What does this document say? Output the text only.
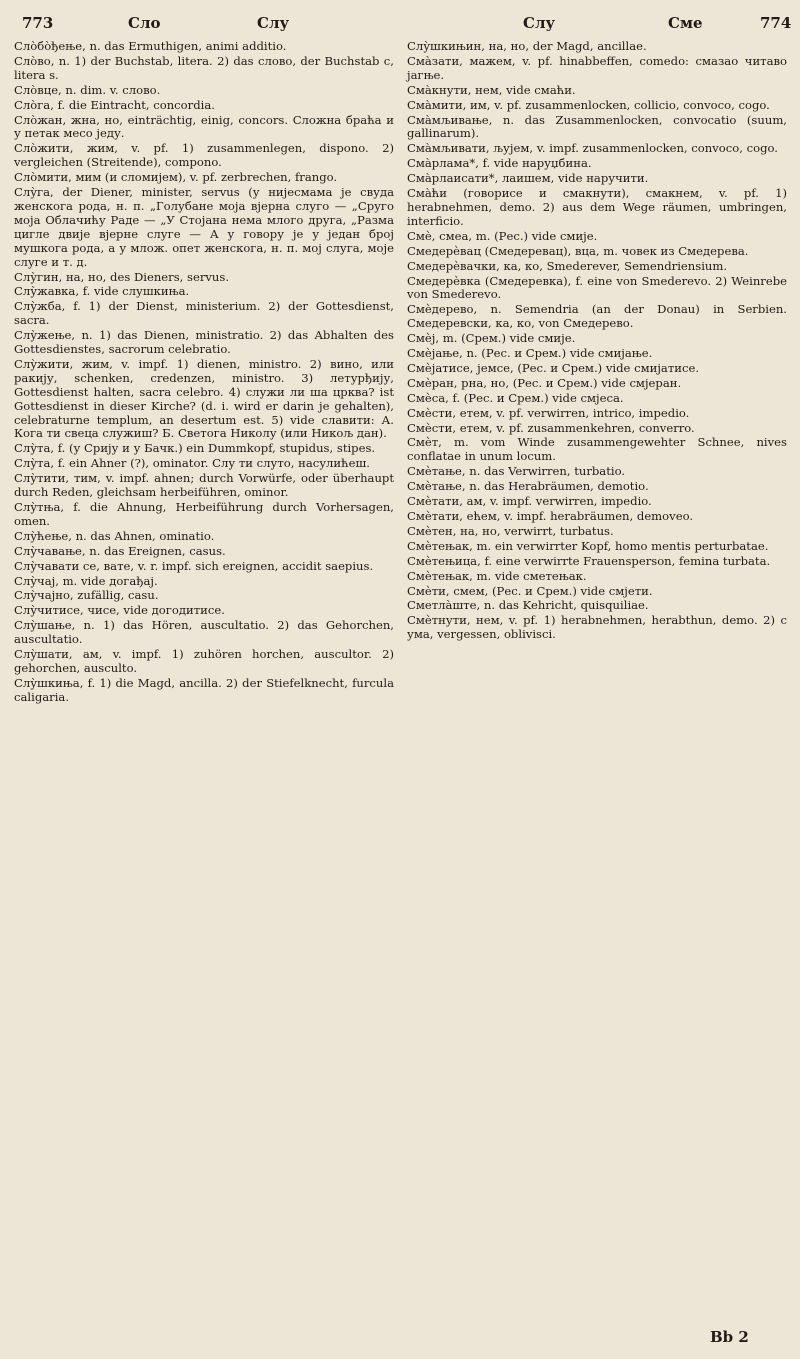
773	Сло	Слу	Слу	Сме	774

Сло̀бо̀ђење, n. das Ermuthigen, animi additio.

Сло̀во, n. 1) der Buchstab, litera. 2) das слово, der Buchstab с, litera s.

Сло̀вце, n. dim. v. слово.

Сло̀га, f. die Eintracht, concordia.

Сло̀жан, жна, но, einträchtig, einig, concors. Сложна браћа и у петак месо једу.

Сло̀жити, жим, v. pf. 1) zusammenlegen, dispono. 2) vergleichen (Streitende), compono.

Сло̀мити, мим (и сломијем), v. pf. zerbrechen, frango.

Слу̀га, der Diener, minister, servus (у нијесмама је свуда женскога рода, н. п. „Голубане моја вјерна слуго — „Сруго моја Облачићу Раде — „У Стојана нема млого друга, „Разма цигле двије вјерне слуге — А у говору је у један број мушкога рода, а у млож. опет женскога, н. п. мој слуга, моје слуге и т. д.

Слу̀гин, на, но, des Dieners, servus.

Слу̀жавка, f. vide слушкиња.

Слу̀жба, f. 1) der Dienst, ministerium. 2) der Gottesdienst, sacra.

Слу̀жење, n. 1) das Dienen, ministratio. 2) das Abhalten des Gottesdienstes, sacrorum celebratio.

Слу̀жити, жим, v. impf. 1) dienen, ministro. 2) вино, или ракију, schenken, credenzen, ministro. 3) летурђију, Gottesdienst halten, sacra celebro. 4) служи ли ша црква? ist Gottesdienst in dieser Kirche? (d. i. wird er darin je gehalten), celebraturne templum, an desertum est. 5) vide славити: А. Кога ти свеца служиш? Б. Светога Николу (или Никољ дан).

Слу̀та, f. (у Срију и у Бачк.) ein Dummkopf, stupidus, stipes.

Слу̀та, f. ein Ahner (?), ominator. Слу ти слуто, насулићеш.

Слу̀тити, тим, v. impf. ahnen; durch Vorwürfe, oder überhaupt durch Reden, gleichsam herbeiführen, ominor.

Слу̀тња, f. die Ahnung, Herbeiführung durch Vorhersagen, omen.

Слу̀ћење, n. das Ahnen, ominatio.

Слу̀чавање, n. das Ereignen, casus.

Слу̀чавати се, вате, v. r. impf. sich ereignen, accidit saepius.

Слу̀чај, m. vide догађај.

Слу̀чајно, zufällig, casu.

Слу̀читисе, чисе, vide догодитисе.

Слу̀шање, n. 1) das Hören, auscultatio. 2) das Gehorchen, auscultatio.

Слу̀шати, ам, v. impf. 1) zuhören horchen, auscultor. 2) gehorchen, ausculto.

Слу̀шкиња, f. 1) die Magd, ancilla. 2) der Stiefelknecht, furcula caligaria.

Слу̀шкињин, на, но, der Magd, ancillae.

Сма̀зати, мажем, v. pf. hinabbeffen, comedo: смазао читаво јагње.

Сма̀кнути, нем, vide смаћи.

Сма̀мити, им, v. pf. zusammenlocken, collicio, convoco, cogo.

Сма̀мљивање, n. das Zusammenlocken, convocatio (suum, gallinarum).

Сма̀мљивати, љујем, v. impf. zusammenlocken, convoco, cogo.

Сма̀рлама*, f. vide наруџбина.

Сма̀рлаисати*, лаишем, vide наручити.

Сма̀ћи (говорисе и смакнути), смакнем, v. pf. 1) herabnehmen, demo. 2) aus dem Wege räumen, umbringen, interficio.

Смѐ, смеа, m. (Рес.) vide смије.

Смедерѐвац (Смедеревац), вца, m. човек из Смедерева.

Смедерѐвачки, ка, ко, Smederever, Semendriensium.

Смедерѐвка (Смедеревка), f. eine von Smederevo. 2) Weinrebe von Smederevo.

Смѐдерево, n. Semendria (an der Donau) in Serbien. Смедеревски, ка, ко, von Смедерево.

Смѐј, m. (Срем.) vide смије.

Смѐјање, n. (Рес. и Срем.) vide смијање.

Смѐјатисе, јемсе, (Рес. и Срем.) vide смијатисе.

Смѐран, рна, но, (Рес. и Срем.) vide смјеран.

Смѐса, f. (Рес. и Срем.) vide смјеса.

Смѐсти, етем, v. pf. verwirren, intrico, impedio.

Смѐсти, етем, v. pf. zusammenkehren, converro.

Смѐт, m. vom Winde zusammengewehter Schnee, nives conflatae in unum locum.

Смѐтање, n. das Verwirren, turbatio.

Смѐтање, n. das Herabräumen, demotio.

Смѐтати, ам, v. impf. verwirren, impedio.

Смѐтати, ећем, v. impf. herabräumen, demoveo.

Смѐтен, на, но, verwirrt, turbatus.

Смѐтењак, m. ein verwirrter Kopf, homo mentis perturbatae.

Смѐтењица, f. eine verwirrte Frauensperson, femina turbata.

Смѐтењак, m. vide сметењак.

Смѐти, смем, (Рес. и Срем.) vide смјети.

Сметла̀ште, n. das Kehricht, quisquiliae.

Смѐтнути, нем, v. pf. 1) herabnehmen, herabthun, demo. 2) с ума, vergessen, obliviscі.

Bb 2
